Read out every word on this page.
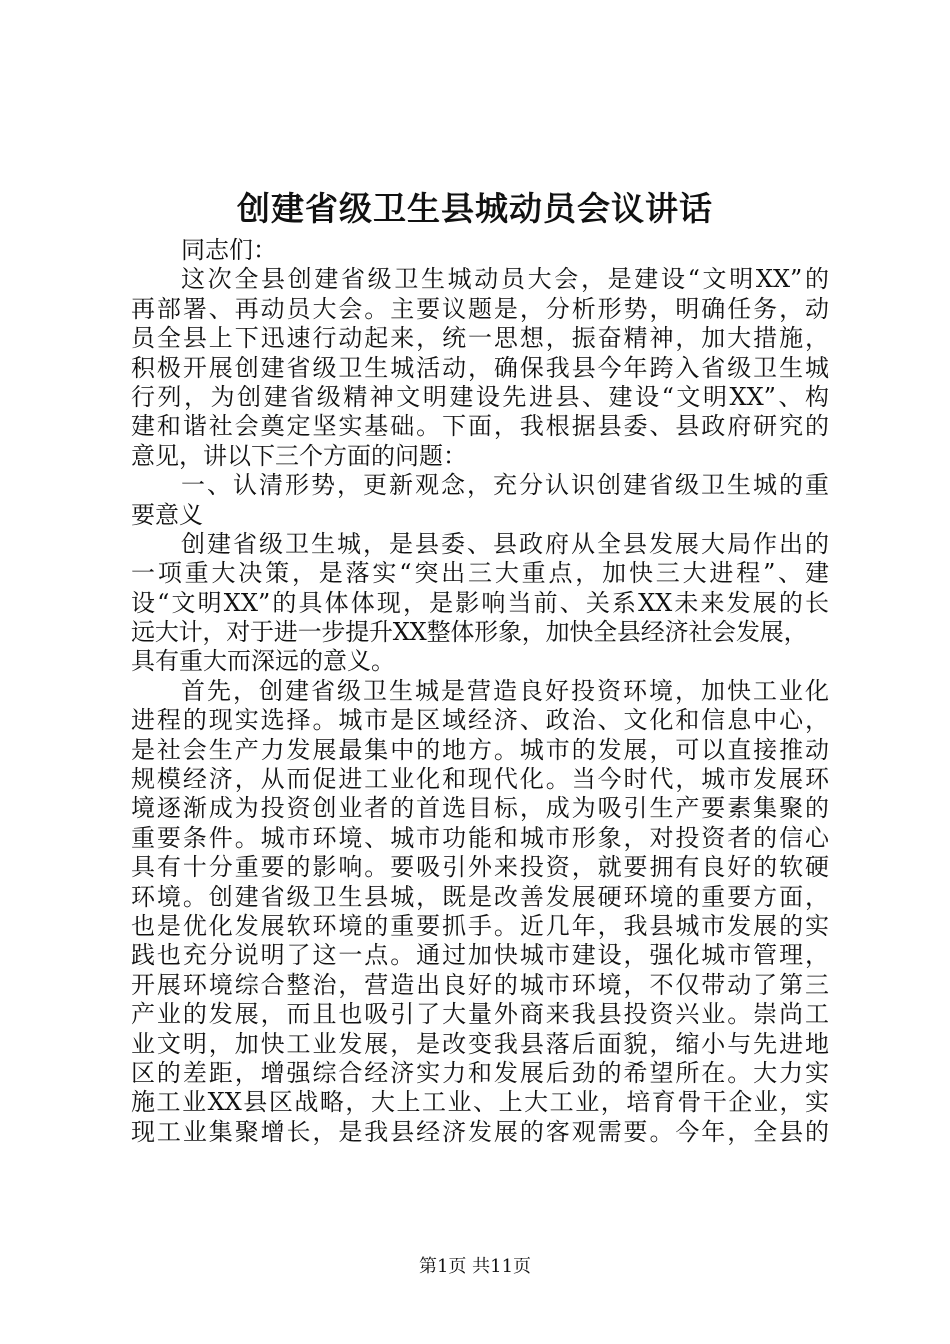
创建省级卫生县城动员会议讲话
同志们：
这次全县创建省级卫生城动员大会，是建设“文明XX”的
再部署、再动员大会。主要议题是，分析形势，明确任务，动
员全县上下迅速行动起来，统一思想，振奋精神，加大措施，
积极开展创建省级卫生城活动，确保我县今年跨入省级卫生城
行列，为创建省级精神文明建设先进县、建设“文明XX”、构
建和谐社会奠定坚实基础。下面，我根据县委、县政府研究的
意见，讲以下三个方面的问题：
一、认清形势，更新观念，充分认识创建省级卫生城的重
要意义
创建省级卫生城，是县委、县政府从全县发展大局作出的
一项重大决策，是落实“突出三大重点，加快三大进程”、建
设“文明XX”的具体体现，是影响当前、关系XX未来发展的长
远大计，对于进一步提升XX整体形象，加快全县经济社会发展，
具有重大而深远的意义。
首先，创建省级卫生城是营造良好投资环境，加快工业化
进程的现实选择。城市是区域经济、政治、文化和信息中心，
是社会生产力发展最集中的地方。城市的发展，可以直接推动
规模经济，从而促进工业化和现代化。当今时代，城市发展环
境逐渐成为投资创业者的首选目标，成为吸引生产要素集聚的
重要条件。城市环境、城市功能和城市形象，对投资者的信心
具有十分重要的影响。要吸引外来投资，就要拥有良好的软硬
环境。创建省级卫生县城，既是改善发展硬环境的重要方面，
也是优化发展软环境的重要抓手。近几年，我县城市发展的实
践也充分说明了这一点。通过加快城市建设，强化城市管理，
开展环境综合整治，营造出良好的城市环境，不仅带动了第三
产业的发展，而且也吸引了大量外商来我县投资兴业。崇尚工
业文明，加快工业发展，是改变我县落后面貌，缩小与先进地
区的差距，增强综合经济实力和发展后劲的希望所在。大力实
施工业XX县区战略，大上工业、上大工业，培育骨干企业，实
现工业集聚增长，是我县经济发展的客观需要。今年，全县的
第1页 共11页
